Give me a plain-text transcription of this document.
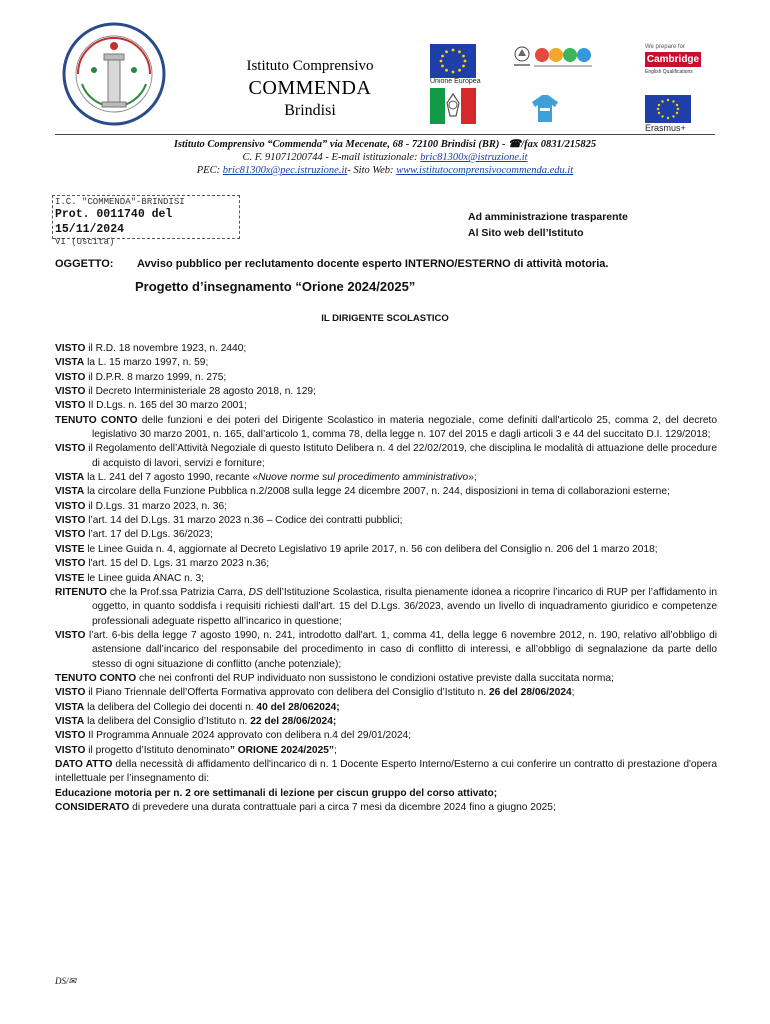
Istituto Comprensivo
COMMENDA
Brindisi
Unione Europea
We prepare for
Cambridge
English Qualifications
Erasmus+
Istituto Comprensivo “Commenda” via Mecenate, 68 - 72100 Brindisi (BR) - ☎/fax 0831/215825
C. F. 91071200744 - E-mail istituzionale: bric81300x@istruzione.it
PEC: bric81300x@pec.istruzione.it- Sito Web: www.istitutocomprensivocommenda.edu.it
I.C. "COMMENDA"-BRINDISI
Prot. 0011740 del 15/11/2024
VI (Uscita)
Ad amministrazione trasparente
Al Sito web dell’Istituto
OGGETTO: Avviso pubblico per reclutamento docente esperto INTERNO/ESTERNO di attività motoria.
Progetto d’insegnamento “Orione 2024/2025”
IL DIRIGENTE SCOLASTICO
VISTO il R.D. 18 novembre 1923, n. 2440;
VISTA la L. 15 marzo 1997, n. 59;
VISTO il D.P.R. 8 marzo 1999, n. 275;
VISTO il Decreto Interministeriale 28 agosto 2018, n. 129;
VISTO Il D.Lgs. n. 165 del 30 marzo 2001;
TENUTO CONTO delle funzioni e dei poteri del Dirigente Scolastico in materia negoziale, come definiti dall'articolo 25, comma 2, del decreto legislativo 30 marzo 2001, n. 165, dall’articolo 1, comma 78, della legge n. 107 del 2015 e dagli articoli 3 e 44 del succitato D.I. 129/2018;
VISTO il Regolamento dell’Attività Negoziale di questo Istituto Delibera n. 4 del 22/02/2019, che disciplina le modalità di attuazione delle procedure di acquisto di lavori, servizi e forniture;
VISTA la L. 241 del 7 agosto 1990, recante «Nuove norme sul procedimento amministrativo»;
VISTA la circolare della Funzione Pubblica n.2/2008 sulla legge 24 dicembre 2007, n. 244, disposizioni in tema di collaborazioni esterne;
VISTO il D.Lgs. 31 marzo 2023, n. 36;
VISTO l’art. 14 del D.Lgs. 31 marzo 2023 n.36 – Codice dei contratti pubblici;
VISTO l’art. 17 del D.Lgs. 36/2023;
VISTE le Linee Guida n. 4, aggiornate al Decreto Legislativo 19 aprile 2017, n. 56 con delibera del Consiglio n. 206 del 1 marzo 2018;
VISTO l'art. 15 del D. Lgs. 31 marzo 2023 n.36;
VISTE le Linee guida ANAC n. 3;
RITENUTO che la Prof.ssa Patrizia Carra, DS dell’Istituzione Scolastica, risulta pienamente idonea a ricoprire l’incarico di RUP per l’affidamento in oggetto, in quanto soddisfa i requisiti richiesti dall’art. 15 del D.Lgs. 36/2023, avendo un livello di inquadramento giuridico e competenze professionali adeguate rispetto all’incarico in questione;
VISTO l’art. 6-bis della legge 7 agosto 1990, n. 241, introdotto dall'art. 1, comma 41, della legge 6 novembre 2012, n. 190, relativo all’obbligo di astensione dall’incarico del responsabile del procedimento in caso di conflitto di interessi, e all’obbligo di segnalazione da parte dello stesso di ogni situazione di conflitto (anche potenziale);
TENUTO CONTO che nei confronti del RUP individuato non sussistono le condizioni ostative previste dalla succitata norma;
VISTO il Piano Triennale dell’Offerta Formativa approvato con delibera del Consiglio d’Istituto n. 26 del 28/06/2024;
VISTA la delibera del Collegio dei docenti n. 40 del 28/062024;
VISTA la delibera del Consiglio d’Istituto n. 22 del 28/06/2024;
VISTO Il Programma Annuale 2024 approvato con delibera n.4 del 29/01/2024;
VISTO il progetto d’Istituto denominato” ORIONE 2024/2025”;
DATO ATTO della necessità di affidamento dell'incarico di n. 1 Docente Esperto Interno/Esterno a cui conferire un contratto di prestazione d'opera intellettuale per l’insegnamento di:
Educazione motoria per n. 2 ore settimanali di lezione per ciscun gruppo del corso attivato;
CONSIDERATO di prevedere una durata contrattuale pari a circa 7 mesi da dicembre 2024 fino a giugno 2025;
DS/✉
